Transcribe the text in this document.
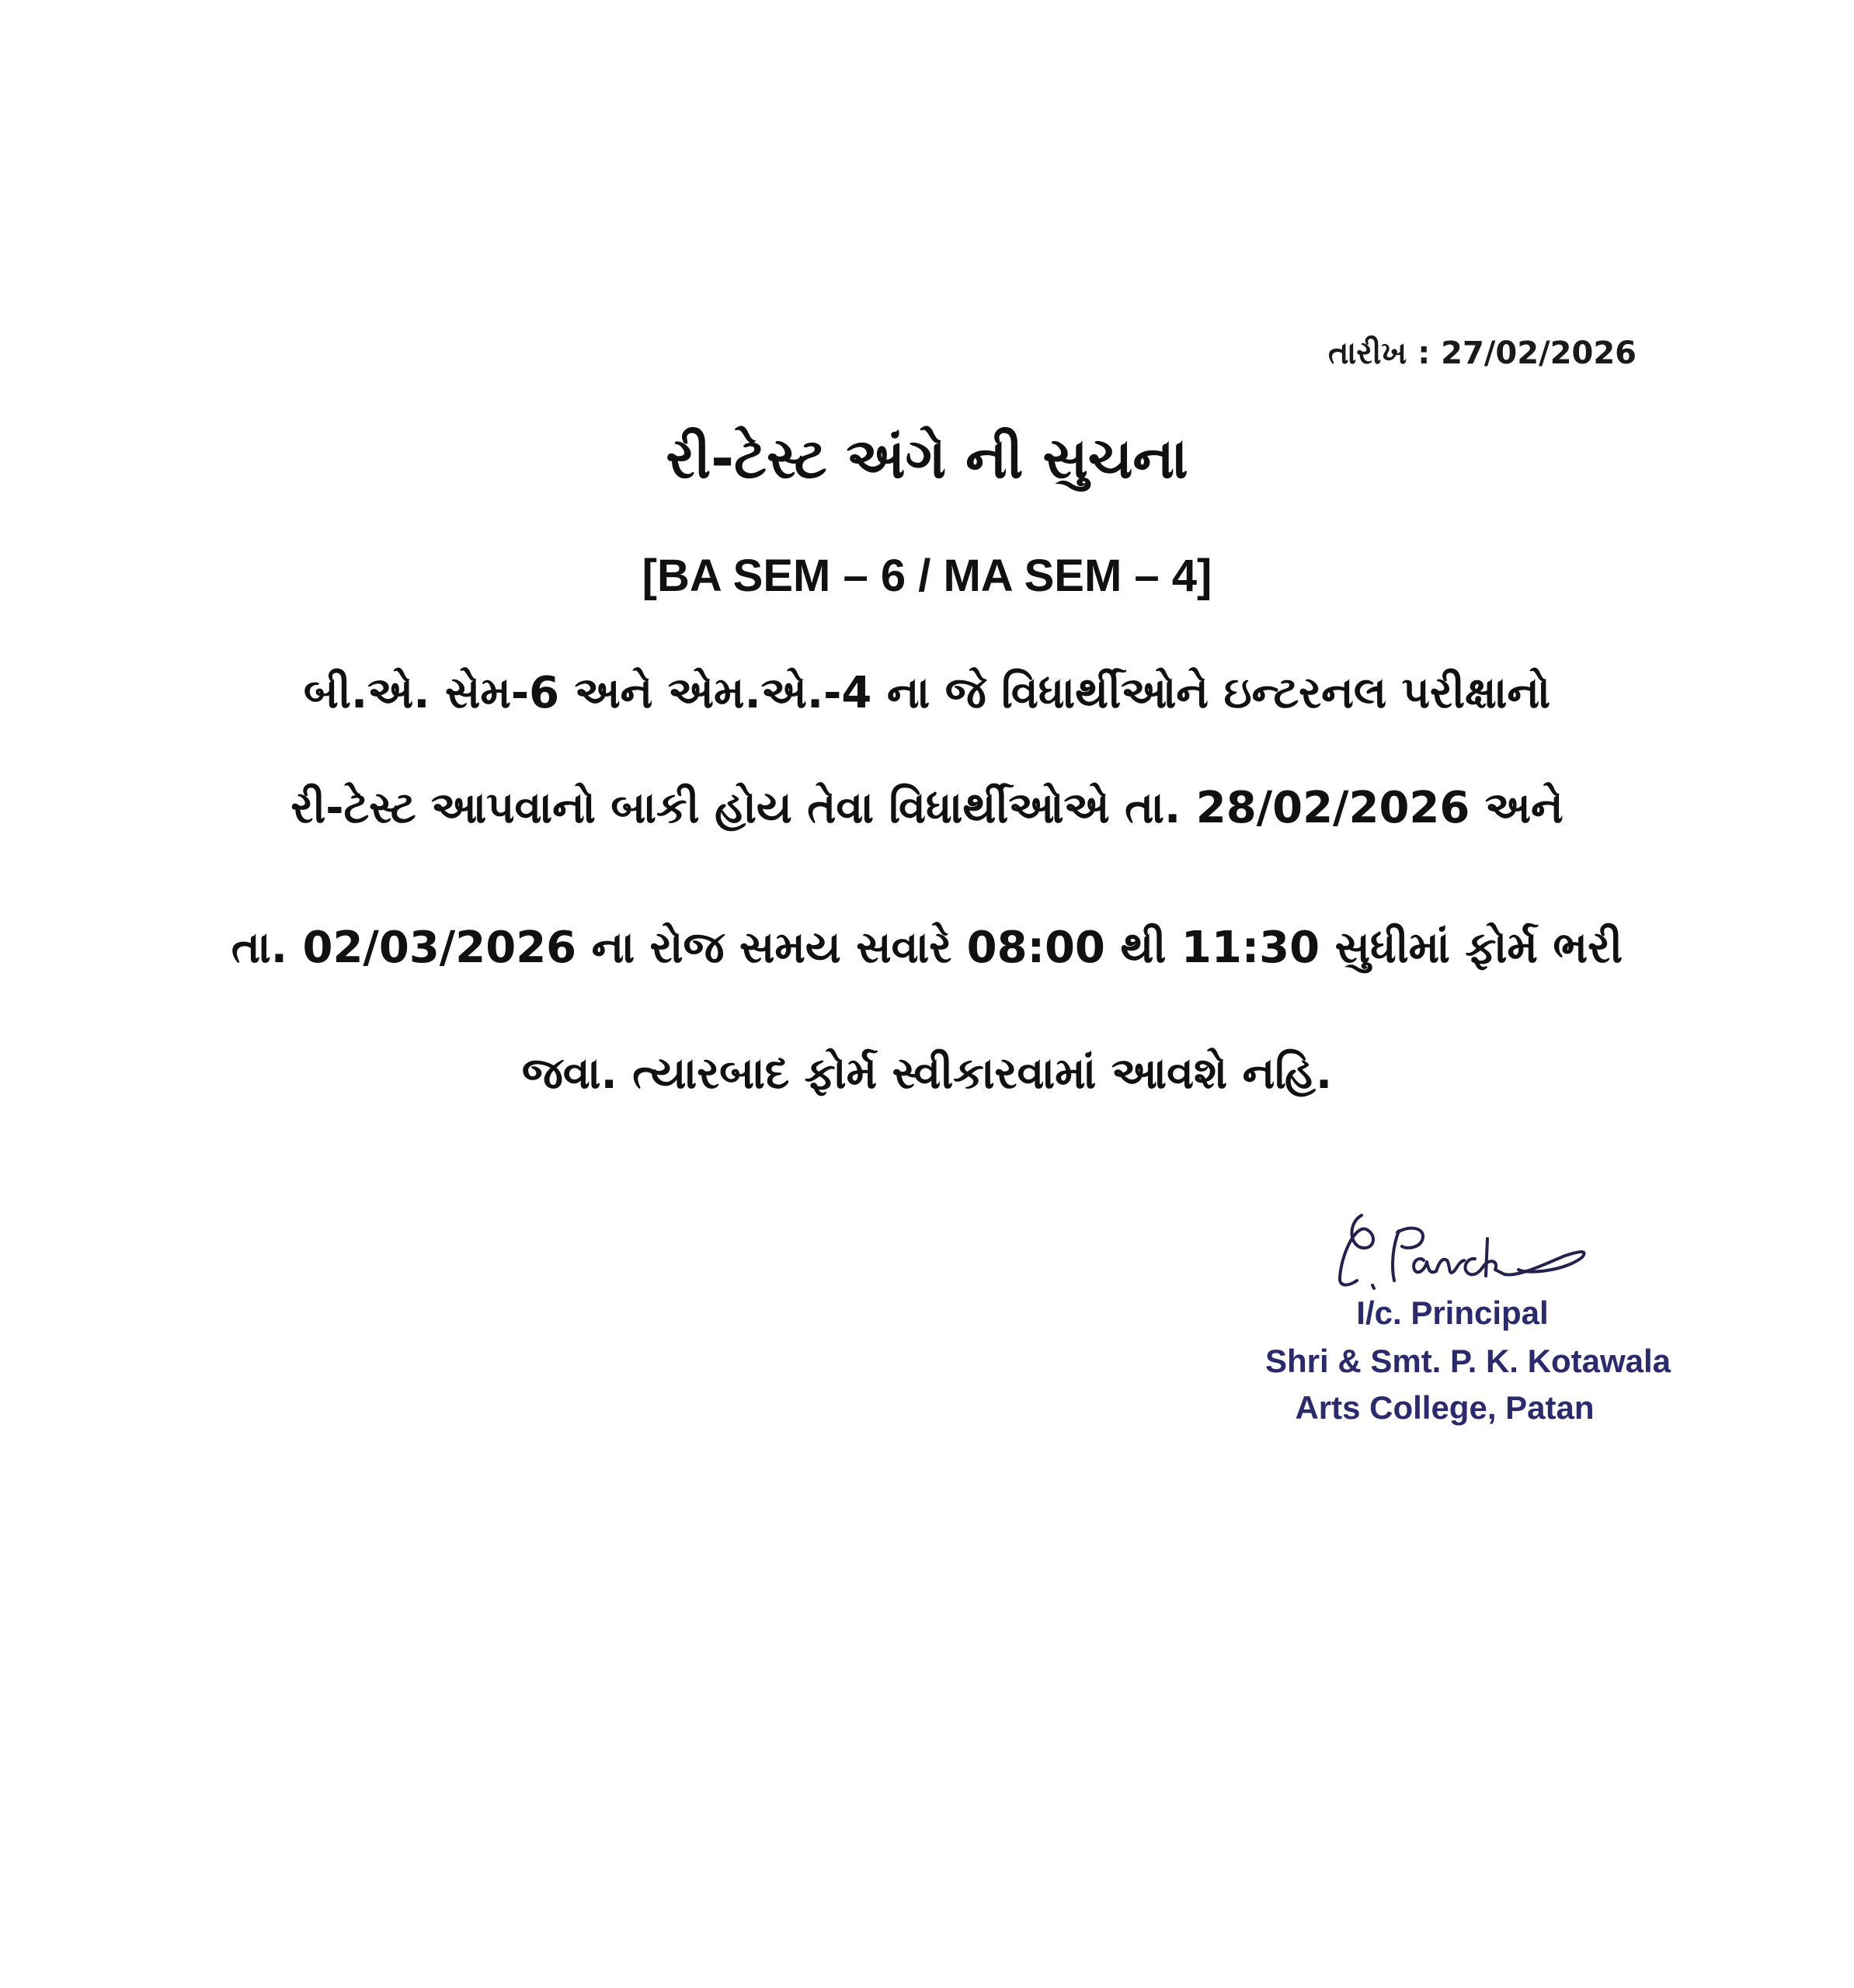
તારીખ : 27/02/2026
રી-ટેસ્ટ અંગે ની સુચના
[BA SEM – 6 / MA SEM – 4]
બી.એ. સેમ-6 અને એમ.એ.-4 ના જે વિધાર્થીઓને ઇન્ટરનલ પરીક્ષાનો
રી-ટેસ્ટ આપવાનો બાકી હોય તેવા વિધાર્થીઓએ તા. 28/02/2026 અને
તા. 02/03/2026 ના રોજ સમય સવારે 08:00 થી 11:30 સુધીમાં ફોર્મ ભરી
જવા. ત્યારબાદ ફોર્મ સ્વીકારવામાં આવશે નહિ.
I/c. Principal
Shri & Smt. P. K. Kotawala
Arts College, Patan
